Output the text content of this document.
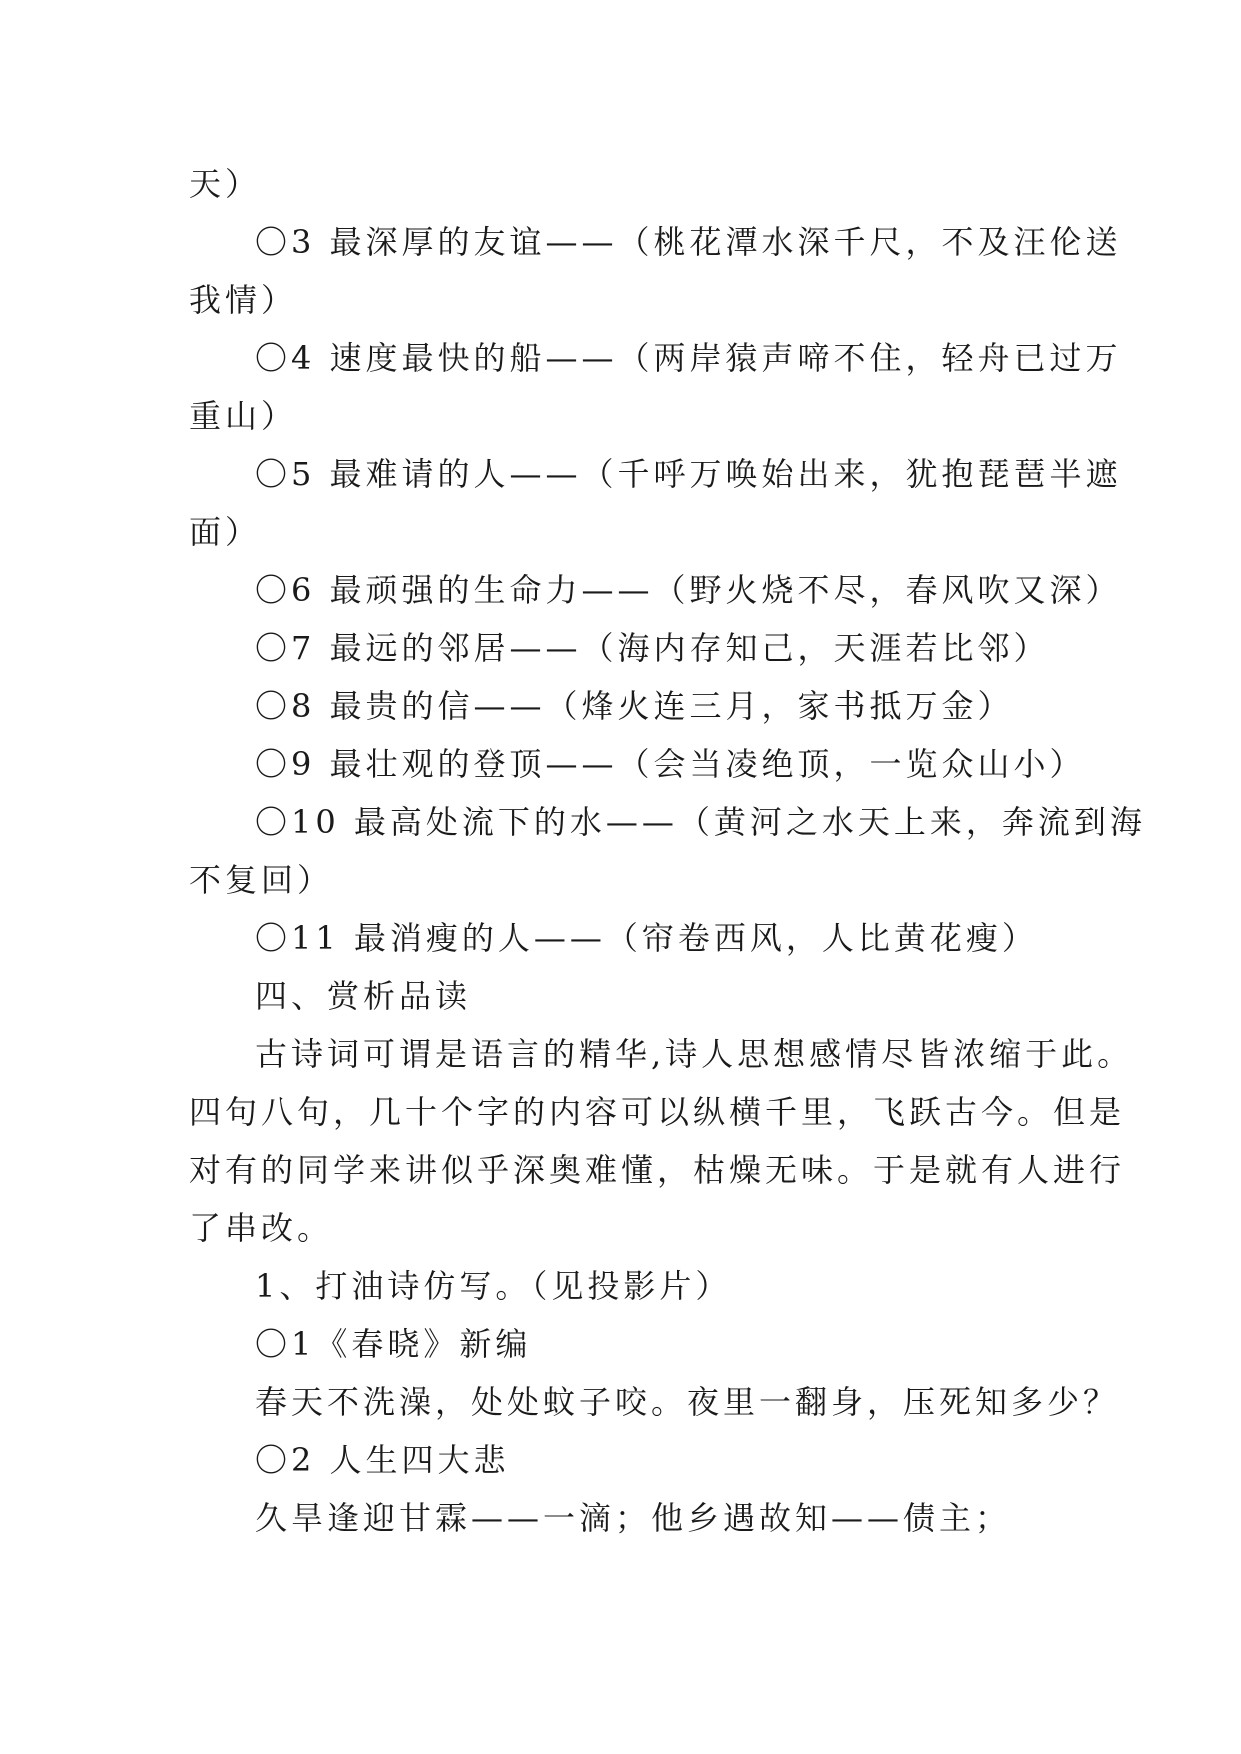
天）
〇3 最深厚的友谊——（桃花潭水深千尺，不及汪伦送
我情）
〇4 速度最快的船——（两岸猿声啼不住，轻舟已过万
重山）
〇5 最难请的人——（千呼万唤始出来，犹抱琵琶半遮
面）
〇6 最顽强的生命力——（野火烧不尽，春风吹又深）
〇7 最远的邻居——（海内存知己，天涯若比邻）
〇8 最贵的信——（烽火连三月，家书抵万金）
〇9 最壮观的登顶——（会当凌绝顶，一览众山小）
〇10 最高处流下的水——（黄河之水天上来，奔流到海
不复回）
〇11 最消瘦的人——（帘卷西风，人比黄花瘦）
四、赏析品读
古诗词可谓是语言的精华,诗人思想感情尽皆浓缩于此。
四句八句，几十个字的内容可以纵横千里，飞跃古今。但是
对有的同学来讲似乎深奥难懂，枯燥无味。于是就有人进行
了串改。
1、打油诗仿写。（见投影片）
〇1《春晓》新编
春天不洗澡，处处蚊子咬。夜里一翻身，压死知多少？
〇2 人生四大悲
久旱逢迎甘霖——一滴；他乡遇故知——债主；
